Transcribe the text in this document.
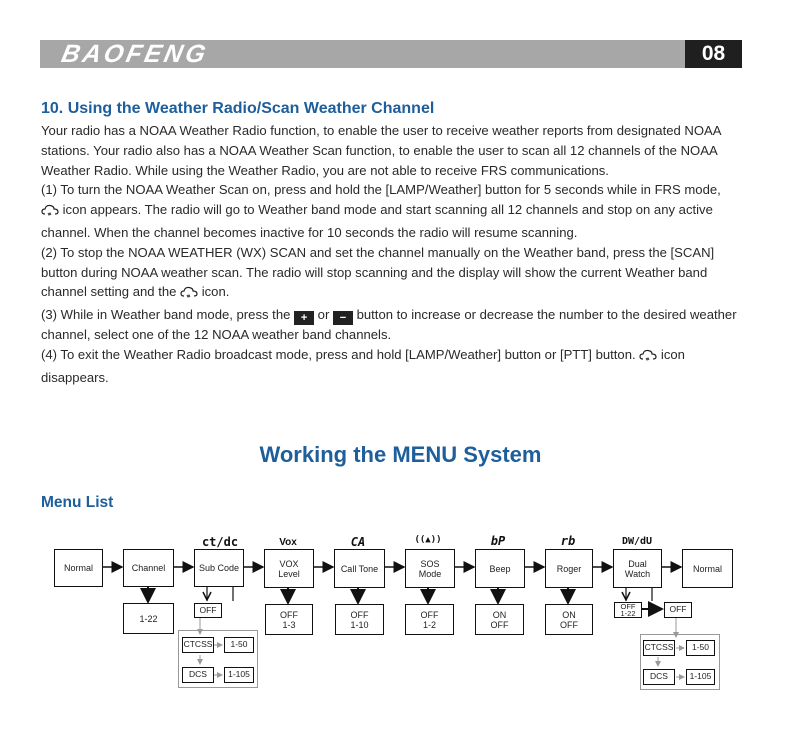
BAOFENG	08
10. Using the Weather Radio/Scan Weather Channel

Your radio has a NOAA Weather Radio function, to enable the user to receive weather reports from designated NOAA stations. Your radio also has a NOAA Weather Scan function, to enable the user to scan all 12 channels of the NOAA Weather Radio. While using the Weather Radio, you are not able to receive FRS communications.

(1) To turn the NOAA Weather Scan on, press and hold the [LAMP/Weather] button for 5 seconds while in FRS mode,  icon appears. The radio will go to Weather band mode and start scanning all 12 channels and stop on any active channel. When the channel becomes inactive for 10 seconds the radio will resume scanning.

(2) To stop the NOAA WEATHER (WX) SCAN and set the channel manually on the Weather band, press the [SCAN] button during NOAA weather scan. The radio will stop scanning and the display will show the current Weather band channel setting and the icon.

(3) While in Weather band mode, press the + or − button to increase or decrease the number to the desired weather channel, select one of the 12 NOAA weather band channels.

(4) To exit the Weather Radio broadcast mode, press and hold [LAMP/Weather] button or [PTT] button. icon disappears.

Working the MENU System
Menu List
ct/dc	Vox	CA	((▲))	bP	rb	DW/dU
Normal	Channel	Sub Code	VOX
Level	Call Tone	SOS
Mode	Beep	Roger	Dual
Watch	Normal
1-22
OFF
CTCSS	1-50
DCS	1-105
OFF
1-3
OFF
1-10
OFF
1-2
ON
OFF
ON
OFF
OFF
1-22	OFF
CTCSS	1-50
DCS	1-105
